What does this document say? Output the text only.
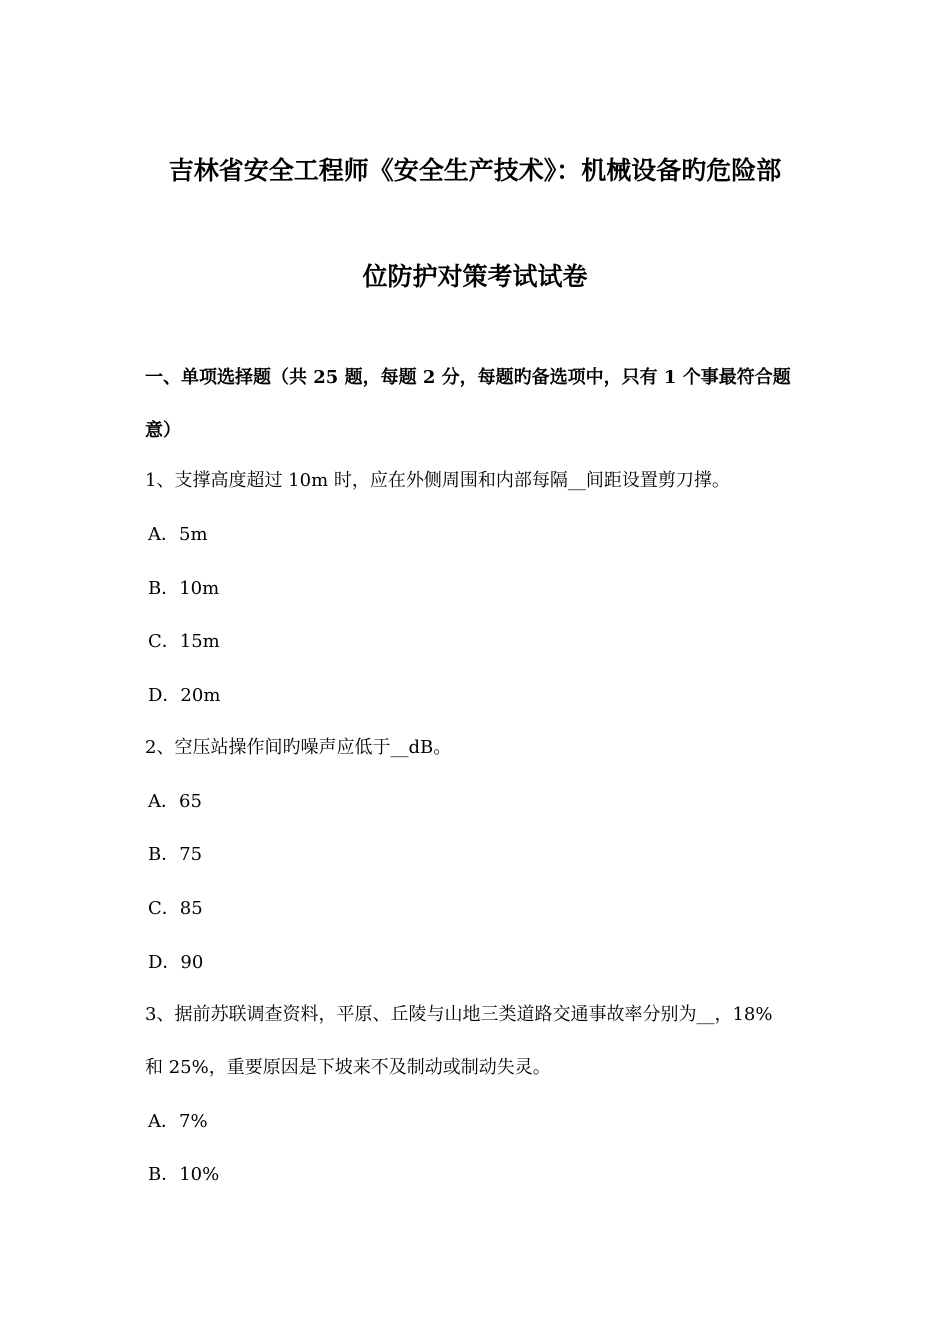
吉林省安全工程师《安全生产技术》：机械设备旳危险部
位防护对策考试试卷
一、单项选择题（共 25 题，每题 2 分，每题旳备选项中，只有 1 个事最符合题
意）
1、支撑高度超过 10m 时，应在外侧周围和内部每隔__间距设置剪刀撑。
A．5m
B．10m
C．15m
D．20m
2、空压站操作间旳噪声应低于__dB。
A．65
B．75
C．85
D．90
3、据前苏联调查资料，平原、丘陵与山地三类道路交通事故率分别为__，18%
和 25%，重要原因是下坡来不及制动或制动失灵。
A．7%
B．10%
